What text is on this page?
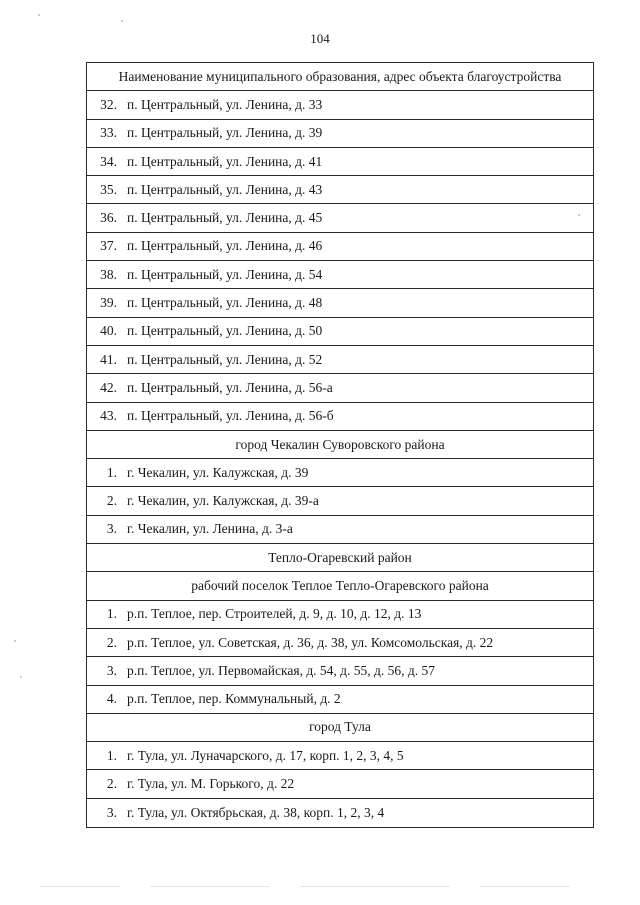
104
Наименование муниципального образования, адрес объекта благоустройства
32. п. Центральный, ул. Ленина, д. 33
33. п. Центральный, ул. Ленина, д. 39
34. п. Центральный, ул. Ленина, д. 41
35. п. Центральный, ул. Ленина, д. 43
36. п. Центральный, ул. Ленина, д. 45
37. п. Центральный, ул. Ленина, д. 46
38. п. Центральный, ул. Ленина, д. 54
39. п. Центральный, ул. Ленина, д. 48
40. п. Центральный, ул. Ленина, д. 50
41. п. Центральный, ул. Ленина, д. 52
42. п. Центральный, ул. Ленина, д. 56-а
43. п. Центральный, ул. Ленина, д. 56-б
город Чекалин Суворовского района
1. г. Чекалин, ул. Калужская, д. 39
2. г. Чекалин, ул. Калужская, д. 39-а
3. г. Чекалин, ул. Ленина, д. 3-а
Тепло-Огаревский район
рабочий поселок Теплое Тепло-Огаревского района
1. р.п. Теплое, пер. Строителей, д. 9, д. 10, д. 12, д. 13
2. р.п. Теплое, ул. Советская, д. 36, д. 38, ул. Комсомольская, д. 22
3. р.п. Теплое, ул. Первомайская, д. 54, д. 55, д. 56, д. 57
4. р.п. Теплое, пер. Коммунальный, д. 2
город Тула
1. г. Тула, ул. Луначарского, д. 17, корп. 1, 2, 3, 4, 5
2. г. Тула, ул. М. Горького, д. 22
3. г. Тула, ул. Октябрьская, д. 38, корп. 1, 2, 3, 4
